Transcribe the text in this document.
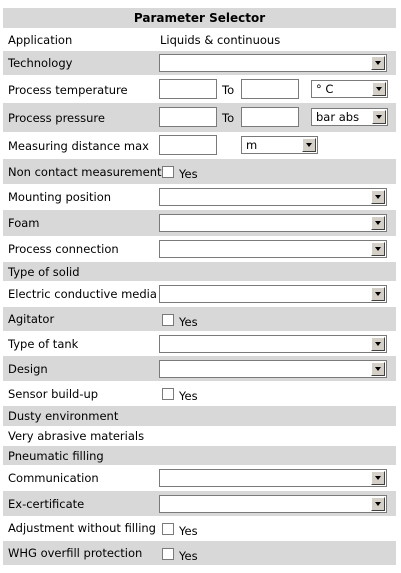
Parameter Selector
Application	Liquids & continuous
Technology
Process temperature	To	° C
Process pressure	To	bar abs
Measuring distance max	m
Non contact measurement Yes
Mounting position
Foam
Process connection
Type of solid
Electric conductive media
Agitator	Yes
Type of tank
Design
Sensor build-up	Yes
Dusty environment
Very abrasive materials
Pneumatic filling
Communication
Ex-certificate
Adjustment without filling Yes
WHG overfill protection	Yes
